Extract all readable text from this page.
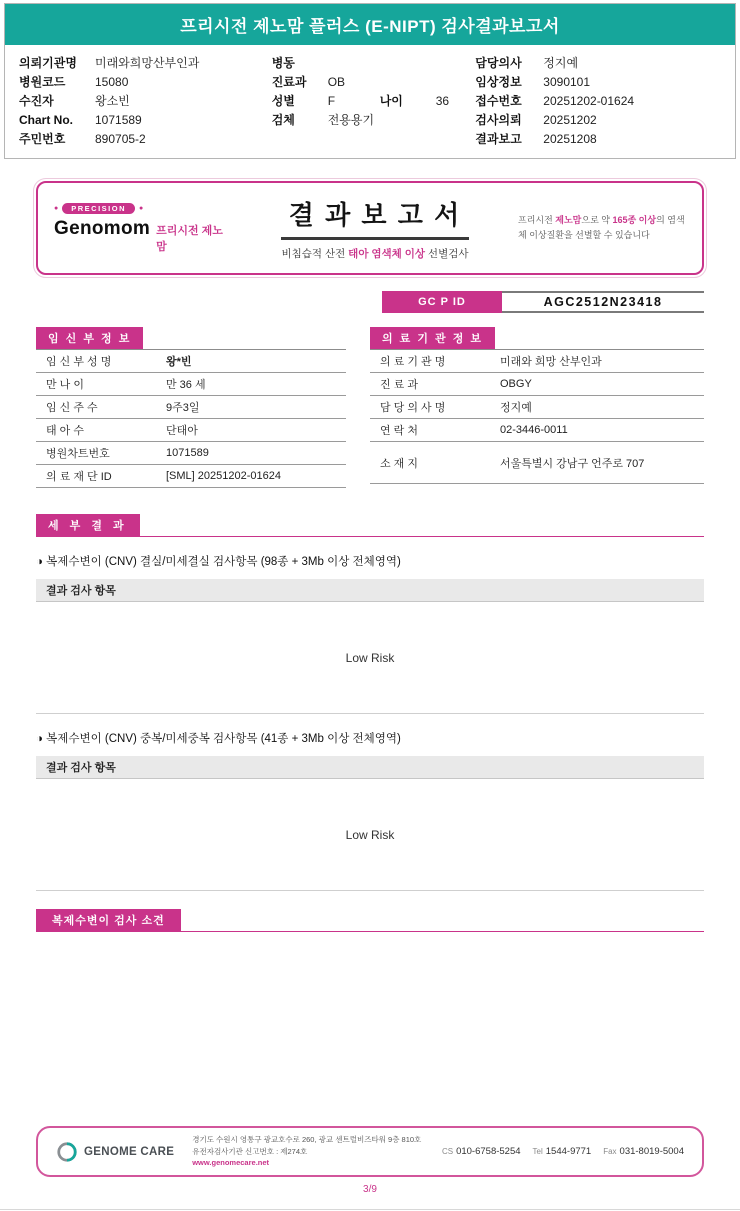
프리시전 제노맘 플러스 (E-NIPT) 검사결과보고서
의뢰기관명	미래와희망산부인과
병원코드	15080
수진자	왕소빈
Chart No.	1071589
주민번호	890705-2
병동
진료과	OB
성별	F	나이	36
검체	전용용기
담당의사	정지예
임상정보	3090101
접수번호	20251202-01624
검사의뢰	20251202
결과보고	20251208
●	PRECISION	●
Genomom 프리시전 제노맘
결 과 보 고 서
비침습적 산전 태아 염색체 이상 선별검사
프리시전 제노맘으로 약 165종 이상의 염색체 이상질환을 선별할 수 있습니다
GC P ID	AGC2512N23418
임 신 부 정 보
임 신 부 성 명	왕*빈
만 나 이	만 36 세
임 신 주 수	9주3일
태 아 수	단태아
병원차트번호	1071589
의 료 재 단 ID	[SML] 20251202-01624
의 료 기 관 정 보
의 료 기 관 명	미래와 희망 산부인과
진 료 과	OBGY
담 당 의 사 명	정지예
연 락 처	02-3446-0011
소 재 지	서울특별시 강남구 언주로 707
세 부 결 과
◑ 복제수변이 (CNV) 결실/미세결실 검사항목 (98종 + 3Mb 이상 전체영역)
결과 검사 항목
Low Risk
◑ 복제수변이 (CNV) 중복/미세중복 검사항목 (41종 + 3Mb 이상 전체영역)
결과 검사 항목
Low Risk
복제수변이 검사 소견
GENOME CARE
경기도 수원시 영통구 광교호수로 260, 광교 센트럴비즈타워 9층 810호
유전자검사기관 신고번호 : 제274호
www.genomecare.net
CS 010-6758-5254 Tel 1544-9771 Fax 031-8019-5004
3/9
